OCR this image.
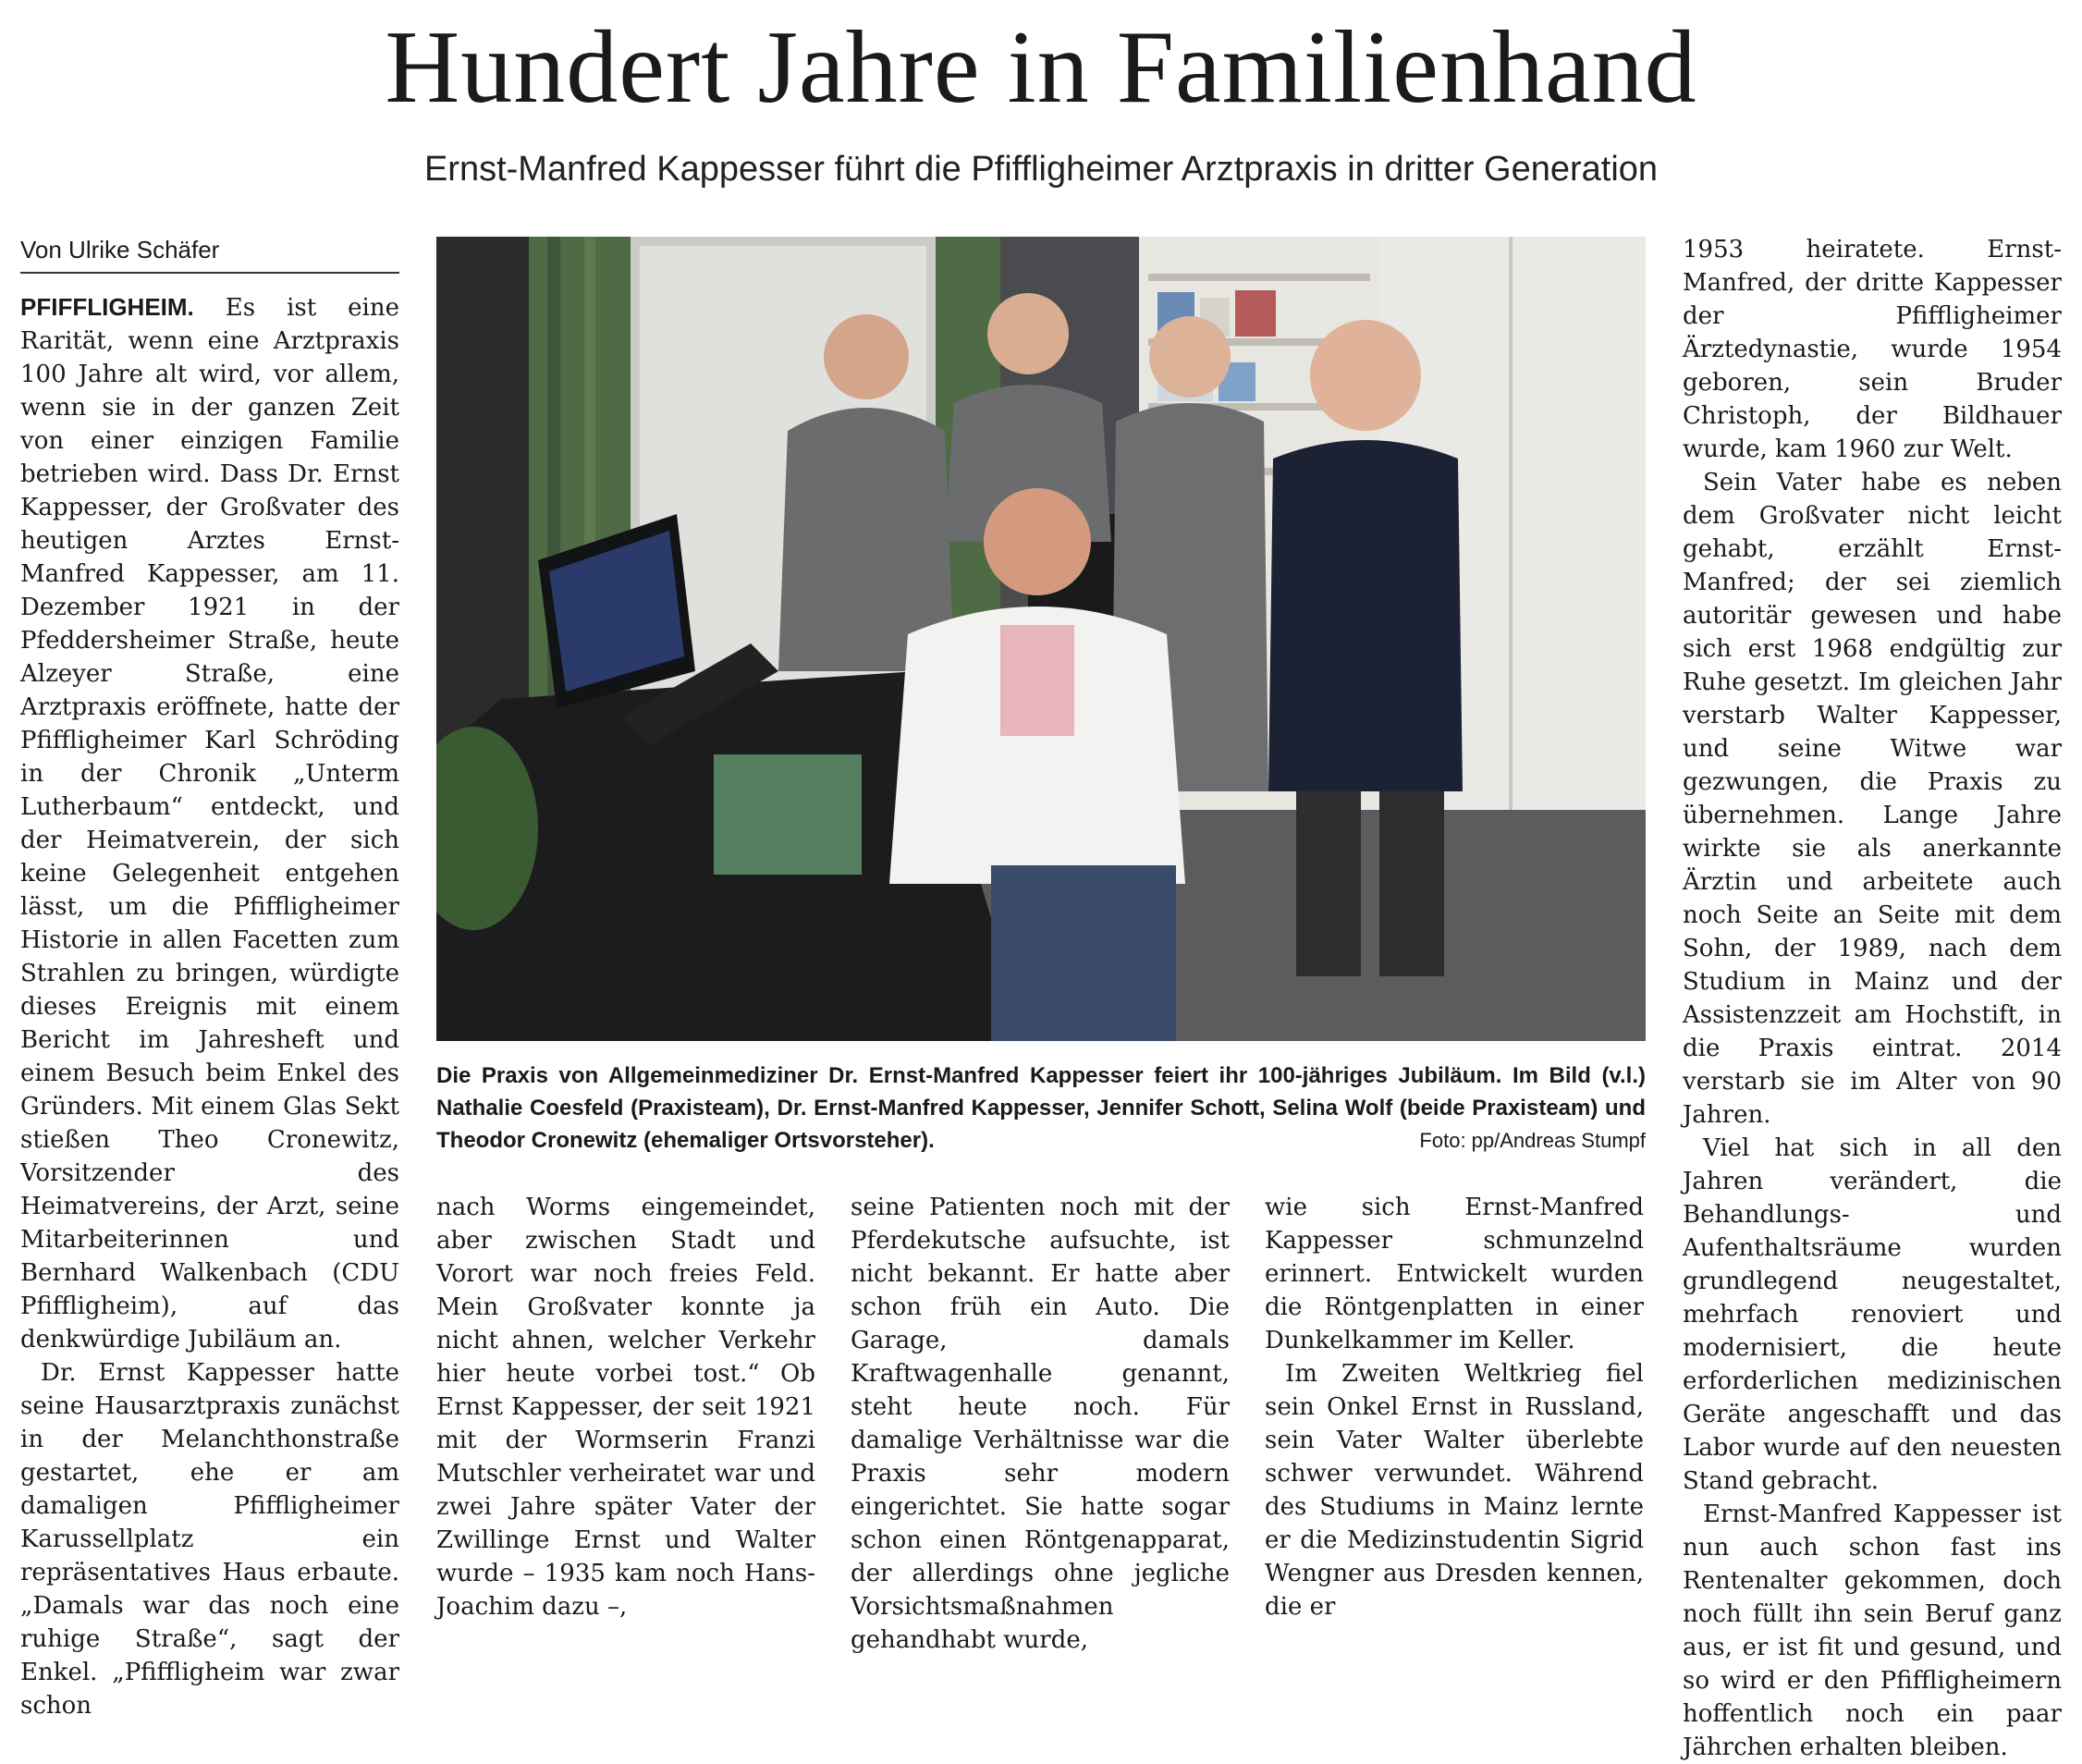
Hundert Jahre in Familienhand
Ernst-Manfred Kappesser führt die Pfiffligheimer Arztpraxis in dritter Generation
Von Ulrike Schäfer

PFIFFLIGHEIM. Es ist eine Rarität, wenn eine Arztpraxis 100 Jahre alt wird, vor allem, wenn sie in der ganzen Zeit von einer einzigen Familie betrieben wird. Dass Dr. Ernst Kappesser, der Großvater des heutigen Arztes Ernst-Manfred Kappesser, am 11. Dezember 1921 in der Pfeddersheimer Straße, heute Alzeyer Straße, eine Arztpraxis eröffnete, hatte der Pfiffligheimer Karl Schröding in der Chronik „Unterm Lutherbaum“ entdeckt, und der Heimatverein, der sich keine Gelegenheit entgehen lässt, um die Pfiffligheimer Historie in allen Facetten zum Strahlen zu bringen, würdigte dieses Ereignis mit einem Bericht im Jahresheft und einem Besuch beim Enkel des Gründers. Mit einem Glas Sekt stießen Theo Cronewitz, Vorsitzender des Heimatvereins, der Arzt, seine Mitarbeiterinnen und Bernhard Walkenbach (CDU Pfiffligheim), auf das denkwürdige Jubiläum an.

Dr. Ernst Kappesser hatte seine Hausarztpraxis zunächst in der Melanchthonstraße gestartet, ehe er am damaligen Pfiffligheimer Karussellplatz ein repräsentatives Haus erbaute. „Damals war das noch eine ruhige Straße“, sagt der Enkel. „Pfiffligheim war zwar schon

Die Praxis von Allgemeinmediziner Dr. Ernst-Manfred Kappesser feiert ihr 100-jähriges Jubiläum. Im Bild (v.l.) Nathalie Coesfeld (Praxisteam), Dr. Ernst-Manfred Kappesser, Jennifer Schott, Selina Wolf (beide Praxisteam) und Theodor Cronewitz (ehemaliger Ortsvorsteher).	Foto: pp/Andreas Stumpf

nach Worms eingemeindet, aber zwischen Stadt und Vorort war noch freies Feld. Mein Großvater konnte ja nicht ahnen, welcher Verkehr hier heute vorbei tost.“ Ob Ernst Kappesser, der seit 1921 mit der Wormserin Franzi Mutschler verheiratet war und zwei Jahre später Vater der Zwillinge Ernst und Walter wurde – 1935 kam noch Hans-Joachim dazu –,

seine Patienten noch mit der Pferdekutsche aufsuchte, ist nicht bekannt. Er hatte aber schon früh ein Auto. Die Garage, damals Kraftwagenhalle genannt, steht heute noch. Für damalige Verhältnisse war die Praxis sehr modern eingerichtet. Sie hatte sogar schon einen Röntgenapparat, der allerdings ohne jegliche Vorsichtsmaßnahmen gehandhabt wurde,

wie sich Ernst-Manfred Kappesser schmunzelnd erinnert. Entwickelt wurden die Röntgenplatten in einer Dunkelkammer im Keller.

Im Zweiten Weltkrieg fiel sein Onkel Ernst in Russland, sein Vater Walter überlebte schwer verwundet. Während des Studiums in Mainz lernte er die Medizinstudentin Sigrid Wengner aus Dresden kennen, die er

1953 heiratete. Ernst-Manfred, der dritte Kappesser der Pfiffligheimer Ärztedynastie, wurde 1954 geboren, sein Bruder Christoph, der Bildhauer wurde, kam 1960 zur Welt.

Sein Vater habe es neben dem Großvater nicht leicht gehabt, erzählt Ernst-Manfred; der sei ziemlich autoritär gewesen und habe sich erst 1968 endgültig zur Ruhe gesetzt. Im gleichen Jahr verstarb Walter Kappesser, und seine Witwe war gezwungen, die Praxis zu übernehmen. Lange Jahre wirkte sie als anerkannte Ärztin und arbeitete auch noch Seite an Seite mit dem Sohn, der 1989, nach dem Studium in Mainz und der Assistenzzeit am Hochstift, in die Praxis eintrat. 2014 verstarb sie im Alter von 90 Jahren.

Viel hat sich in all den Jahren verändert, die Behandlungs- und Aufenthaltsräume wurden grundlegend neugestaltet, mehrfach renoviert und modernisiert, die heute erforderlichen medizinischen Geräte angeschafft und das Labor wurde auf den neuesten Stand gebracht.

Ernst-Manfred Kappesser ist nun auch schon fast ins Rentenalter gekommen, doch noch füllt ihn sein Beruf ganz aus, er ist fit und gesund, und so wird er den Pfiffligheimern hoffentlich noch ein paar Jährchen erhalten bleiben.
